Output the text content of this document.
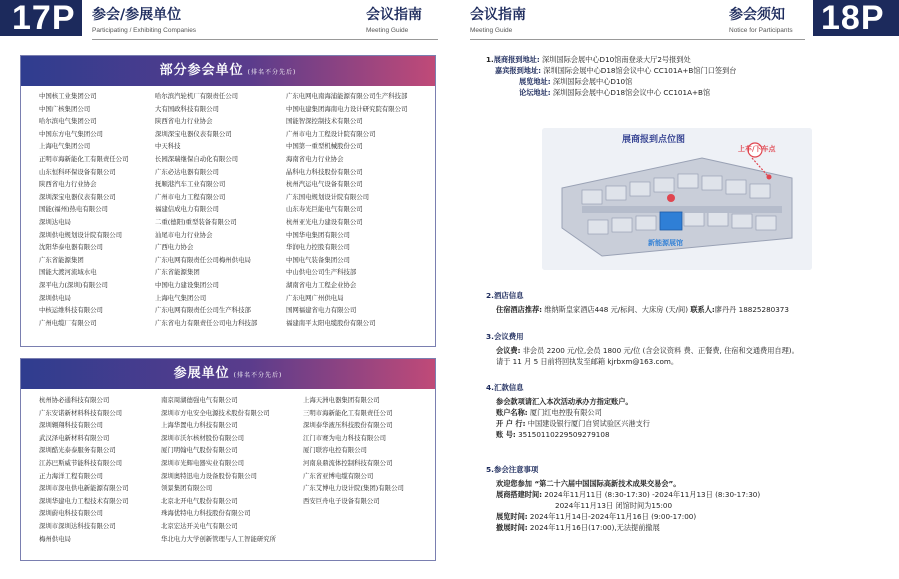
17P	参会/参展单位
Participating / Exhibiting Companies
会议指南
Meeting Guide
部分参会单位 (排名不分先后)
中国核工业集团公司
中国广核集团公司
哈尔滨电气集团公司
中国东方电气集团公司
上海电气集团公司
正明市海新能化工有限责任公司
山东恒科环保设备有限公司
陕西省电力行业协会
深圳深宝电器仪表有限公司
国能(福州)热电有限公司
深圳达电局
深圳供电规划设计院有限公司
沈阳华泰电器有限公司
广东省能源集团
国能大渡河流域水电
深平电力(深圳)有限公司
深圳供电局
中核运维科技有限公司
广州电缆厂有限公司
哈尔滨汽轮机厂有限责任公司
大有国政科技有限公司
陕西省电力行业协会
深圳深宝电器仪表有限公司
中天科技
长园深瑞继保自动化有限公司
广东必达电器有限公司
抚顺港汽车工业有限公司
广州市电力工程有限公司
福建信成电力有限公司
二重(德阳)重型装备有限公司
汕尾市电力行业协会
广西电力协会
广东电网有限责任公司梅州供电局
广东省能源集团
中国电力建设集团公司
上海电气集团公司
广东电网有限责任公司生产科技部
广东省电力有限责任公司电力科技部
广东电网电南海浦能源有限公司生产科技部
中国电建集团海南电力设计研究院有限公司
国能智深控制技术有限公司
广州市电力工程设计院有限公司
中国第一重型机械股份公司
海南省电力行业协会
晶科电力科技股份有限公司
杭州汽运电气设备有限公司
广东国电规划设计院有限公司
山东寿光巨能电气有限公司
杭州亚光电力建设有限公司
中国华电集团有限公司
华润电力控股有限公司
中国电气装备集团公司
中山供电公司生产科技部
湖南省电力工程企业协会
广东电网广州供电局
国网福建省电力有限公司
福建南平太阳电缆股份有限公司
参展单位 (排名不分先后)
杭州协必通科技有限公司
广东安诺新材料科技有限公司
深圳翱翔科技有限公司
武汉泽电新材料有限公司
深圳酷光泰泰服务有限公司
江苏巴斯威节能科技有限公司
正力海洋工程有限公司
深圳市深电供电新能源有限公司
深圳华建电力工程技术有限公司
深圳蔚电科技有限公司
深圳市深圳达科技有限公司
梅州供电局
南京周湖德强电气有限公司
深圳市方电安全电源技术股份有限公司
上海华置电力科技有限公司
深圳市沃尔核材股份有限公司
厦门明翰电气股份有限公司
深圳市光辉电器实业有限公司
深圳奥特迅电力设备股份有限公司
领景集团有限公司
北京北开电气股份有限公司
珠海优特电力科技股份有限公司
北京宏达开关电气有限公司
华北电力大学创新管理与人工智能研究所
上海天洲电器集团有限公司
三明市海新能化工有限责任公司
深圳泰华液压科技股份有限公司
江门市赛为电力科技有限公司
厦门联容电控有限公司
河南泉鼎流体控制科技有限公司
广东省亚博电缆有限公司
广东艾博电力设计院(集团)有限公司
西安巨舟电子设备有限公司
会议指南
Meeting Guide
参会须知
Notice for Participants 18P
1.展商报到地址: 深圳国际会展中心D10馆南登录大厅2号报到处
嘉宾报到地址: 深圳国际会展中心D18馆会议中心 CC101A+B馆门口签到台
展览地址: 深圳国际会展中心D10馆
论坛地址: 深圳国际会展中心D18馆会议中心 CC101A+B馆
展商报到点位图
上车/下车点
新能源展馆
2.酒店信息
住宿酒店推荐: 维纳斯皇家酒店448 元/标间、大床房 (天/间) 联系人:廖丹丹 18825280373
3.会议费用
会议费: 非会员 2200 元/位,会员 1800 元/位 (含会议资料 费、正餐费, 住宿和交通费用自理)。
请于 11 月 5 日前将回执发至邮箱 kjrbxm@163.com。
4.汇款信息
参会款项请汇入本次活动承办方指定账户。
账户名称: 厦门红电控股有限公司
开 户 行: 中国建设银行厦门自贸试验区兴港支行
账 号: 35150110229509279108
5.参会注意事项
欢迎您参加 “第二十六届中国国际高新技术成果交易会”。
展商搭建时间: 2024年11月11日 (8:30-17:30) -2024年11月13日 (8:30-17:30)
2024年11月13日 闭馆时间为15:00
展览时间: 2024年11月14日-2024年11月16日 (9:00-17:00)
撤展时间: 2024年11月16日(17:00),无法提前撤展
